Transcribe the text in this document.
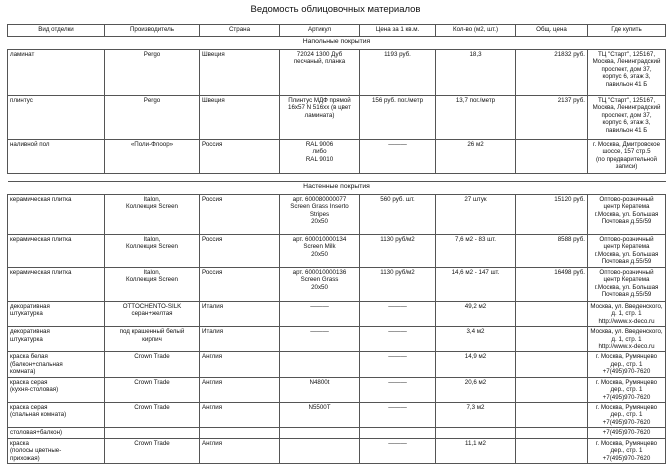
Ведомость облицовочных материалов
Вид отделки	Производитель	Страна	Артикул	Цена за 1 кв.м.	Кол-во (м2, шт.)	Общ. цена	Где купить
Напольные покрытия							
ламинат	Pergo	Швеция	72024 1300 Дуб
песчаный, планка	1193 руб.	18,3	21832 руб.	ТЦ "Старт", 125167,
Москва, Ленинградский
проспект, дом 37,
корпус 6, этаж 3,
павильон 41 Б
плинтус	Pergo	Швеция	Плинтус МДФ прямой
16х57 N 516хх (в цвет
ламината)	156 руб. пог./метр	13,7 пог./метр	2137 руб.	ТЦ "Старт", 125167,
Москва, Ленинградский
проспект, дом 37,
корпус 6, этаж 3,
павильон 41 Б
наливной пол	«Поли-Флоор»	Россия	RAL 9006
либо
RAL 9010	———	26 м2		г. Москва, Дмитровское
шоссе, 157 стр.5
(по предварительной
записи)

Настенные покрытия							
керамическая плитка	Italon,
Коллекция Screen	Россия	арт. 600080000077
Screen Grass Inserto
Stripes
20x50	560 руб. шт.	27 штук	15120 руб.	Оптово-розничный
центр Кератема
г.Москва, ул. Большая
Почтовая д.55/59
керамическая плитка	Italon,
Коллекция Screen	Россия	арт. 600010000134
Screen Milk
20x50	1130 руб/м2	7,6 м2 - 83 шт.	8588 руб.	Оптово-розничный
центр Кератема
г.Москва, ул. Большая
Почтовая д.55/59
керамическая плитка	Italon,
Коллекция Screen	Россия	арт. 600010000136
Screen Grass
20x50	1130 руб/м2	14,6 м2 - 147 шт.	16498 руб.	Оптово-розничный
центр Кератема
г.Москва, ул. Большая
Почтовая д.55/59
декоративная
штукатурка	OTTOCHENTO-SILK
серан+желтая	Италия	———	———	49,2 м2		Москва, ул. Введенского,
д. 1, стр. 1
http://www.x-deco.ru
декоративная
штукатурка	под крашенный белый
кирпич	Италия	———	———	3,4 м2		Москва, ул. Введенского,
д. 1, стр. 1
http://www.x-deco.ru
краска белая
(балкон+спальная
комната)	Crown Trade	Англия		———	14,9 м2		г. Москва, Румянцево
дер., стр. 1
+7(495)970-7620
краска серая
(кухня-столовая)	Crown Trade	Англия	N4800t	———	20,6 м2		г. Москва, Румянцево
дер., стр. 1
+7(495)970-7620
краска серая
(спальная комната)	Crown Trade	Англия	N5500T	———	7,3 м2		г. Москва, Румянцево
дер., стр. 1
+7(495)970-7620
столовая+балкон)							+7(495)970-7620
краска
(полосы цветные-
прихожая)	Crown Trade	Англия		———	11,1 м2		г. Москва, Румянцево
дер., стр. 1
+7(495)970-7620
